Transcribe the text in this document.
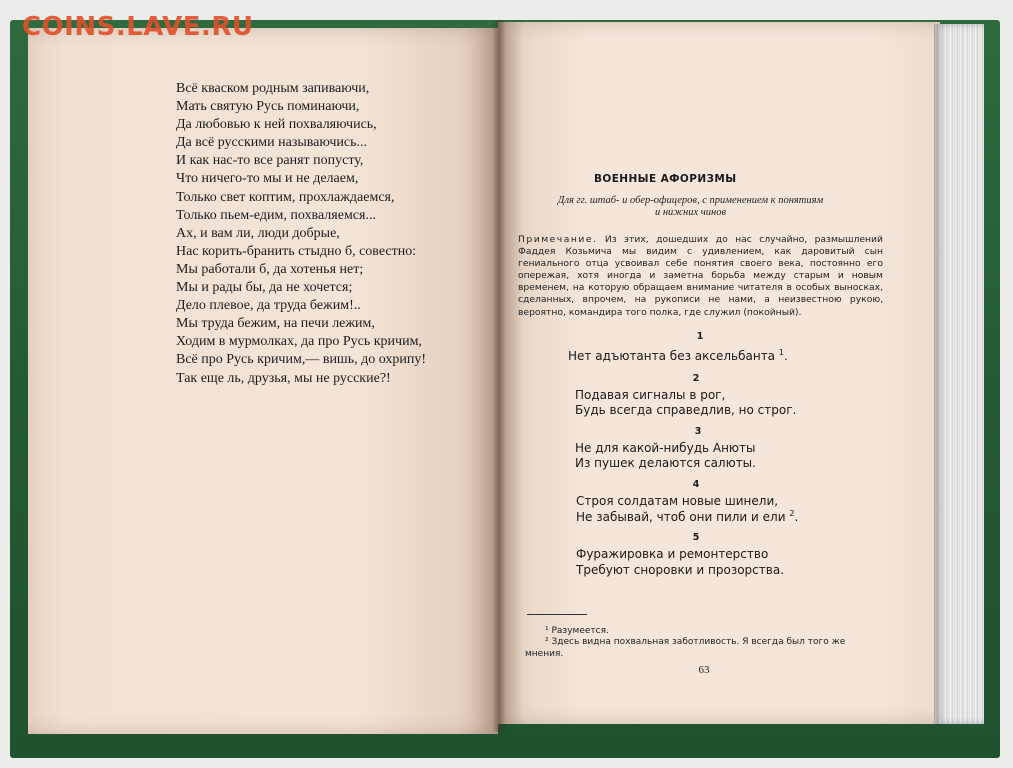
COINS.LAVE.RU
Всё кваском родным запиваючи,
Мать святую Русь поминаючи,
Да любовью к ней похваляючись,
Да всё русскими называючись...
И как нас-то все ранят попусту,
Что ничего-то мы и не делаем,
Только свет коптим, прохлаждаемся,
Только пьем-едим, похваляемся...
Ах, и вам ли, люди добрые,
Нас корить-бранить стыдно б, совестно:
Мы работали б, да хотенья нет;
Мы и рады бы, да не хочется;
Дело плевое, да труда бежим!..
Мы труда бежим, на печи лежим,
Ходим в мурмолках, да про Русь кричим,
Всё про Русь кричим,— вишь, до охрипу!
Так еще ль, друзья, мы не русские?!
ВОЕННЫЕ АФОРИЗМЫ
Для гг. штаб- и обер-офицеров, с применением к понятиям
и нижних чинов
Примечание. Из этих, дошедших до нас случайно, размышлений Фаддея Козьмича мы видим с удивлением, как даровитый сын гениального отца усвоивал себе понятия своего века, постоянно его опережая, хотя иногда и заметна борьба между старым и новым временем, на которую обращаем внимание читателя в особых выносках, сделанных, впрочем, на рукописи не нами, а неизвестною рукою, вероятно, командира того полка, где служил (покойный).
1
Нет адъютанта без аксельбанта $^1$.
2
Подавая сигналы в рог,
Будь всегда справедлив, но строг.
3
Не для какой-нибудь Анюты
Из пушек делаются салюты.
4
Строя солдатам новые шинели,
Не забывай, чтоб они пили и ели $^2$.
5
Фуражировка и ремонтерство
Требуют сноровки и прозорства.
¹ Разумеется.
² Здесь видна похвальная заботливость. Я всегда был того же
мнения.
63
